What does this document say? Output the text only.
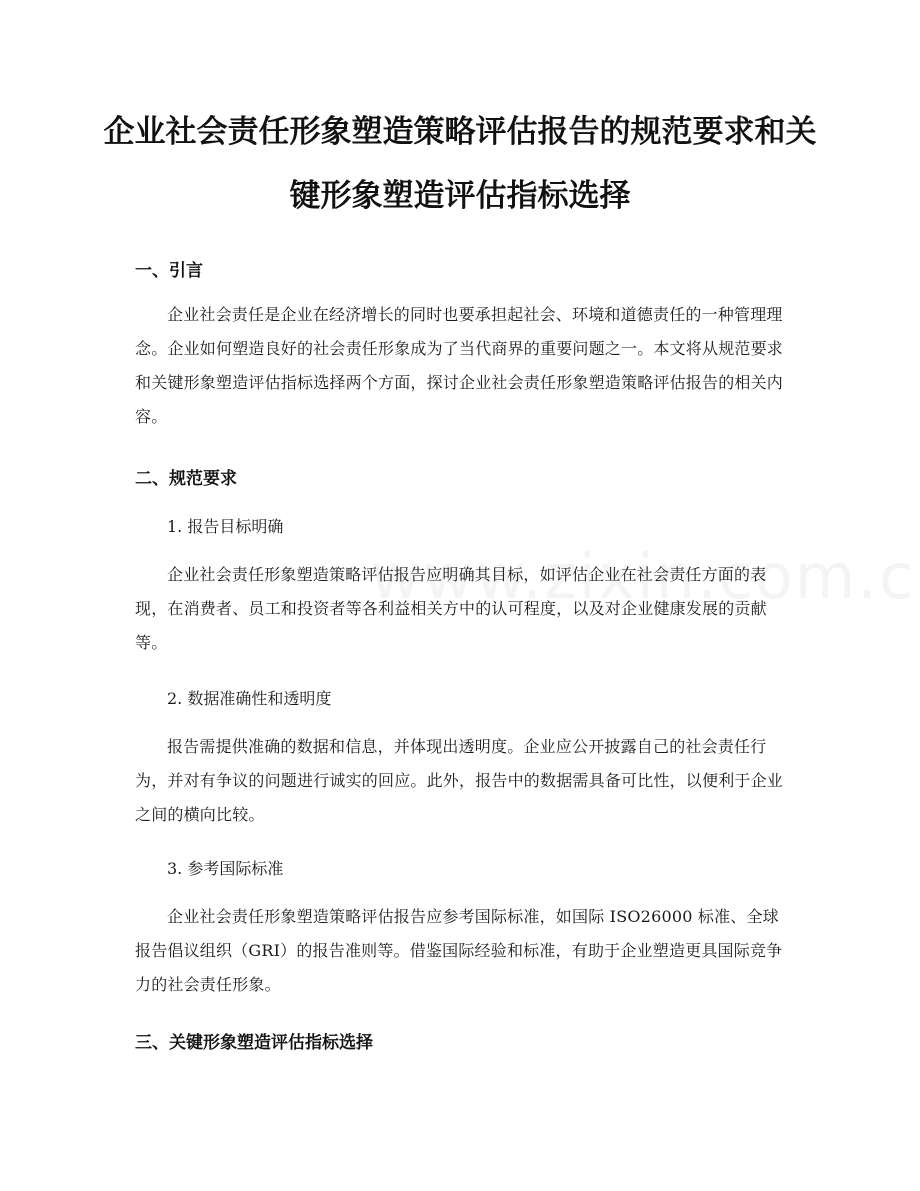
企业社会责任形象塑造策略评估报告的规范要求和关键形象塑造评估指标选择
一、引言

企业社会责任是企业在经济增长的同时也要承担起社会、环境和道德责任的一种管理理念。企业如何塑造良好的社会责任形象成为了当代商界的重要问题之一。本文将从规范要求和关键形象塑造评估指标选择两个方面，探讨企业社会责任形象塑造策略评估报告的相关内容。

二、规范要求

1. 报告目标明确

企业社会责任形象塑造策略评估报告应明确其目标，如评估企业在社会责任方面的表现，在消费者、员工和投资者等各利益相关方中的认可程度，以及对企业健康发展的贡献等。

2. 数据准确性和透明度

报告需提供准确的数据和信息，并体现出透明度。企业应公开披露自己的社会责任行为，并对有争议的问题进行诚实的回应。此外，报告中的数据需具备可比性，以便利于企业之间的横向比较。

3. 参考国际标准

企业社会责任形象塑造策略评估报告应参考国际标准，如国际 ISO26000 标准、全球报告倡议组织（GRI）的报告准则等。借鉴国际经验和标准，有助于企业塑造更具国际竞争力的社会责任形象。

三、关键形象塑造评估指标选择
